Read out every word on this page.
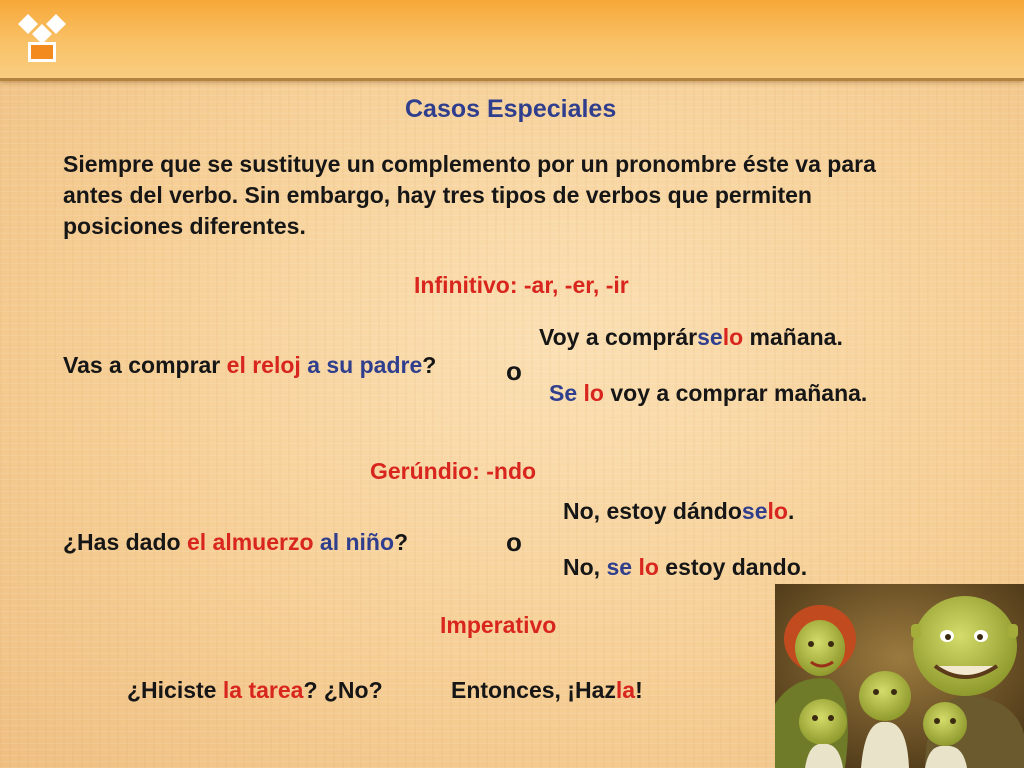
Casos Especiales
Siempre que se sustituye un complemento por un pronombre éste va para antes del verbo. Sin embargo, hay tres tipos de verbos que permiten posiciones diferentes.
Infinitivo: -ar, -er, -ir
Vas a comprar el reloj a su padre?	o
Voy a comprárselo mañana.
Se lo voy a comprar mañana.
Gerúndio: -ndo
¿Has dado el almuerzo al niño?	o
No, estoy dándoselo.
No, se lo estoy dando.
Imperativo
¿Hiciste la tarea? ¿No?	Entonces, ¡Hazla!
